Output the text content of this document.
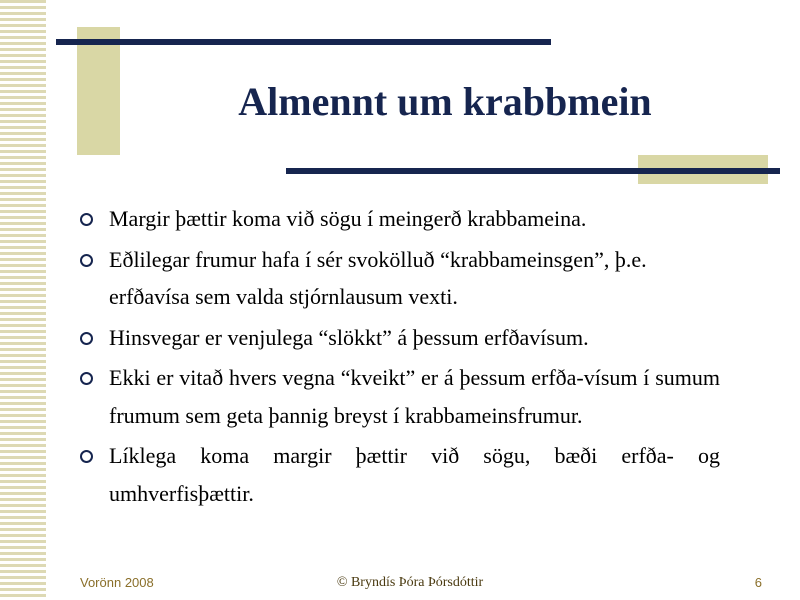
Almennt um krabbmein
Margir þættir koma við sögu í meingerð krabbameina.
Eðlilegar frumur hafa í sér svokölluð “krabbameinsgen”, þ.e. erfðavísa sem valda stjórnlausum vexti.
Hinsvegar er venjulega “slökkt” á þessum erfðavísum.
Ekki er vitað hvers vegna “kveikt” er á þessum erfða-vísum í sumum frumum sem geta þannig breyst í krabbameinsfrumur.
Líklega koma margir þættir við sögu, bæði erfða- og umhverfisþættir.
Vorönn 2008	© Bryndís Þóra Þórsdóttir	6
